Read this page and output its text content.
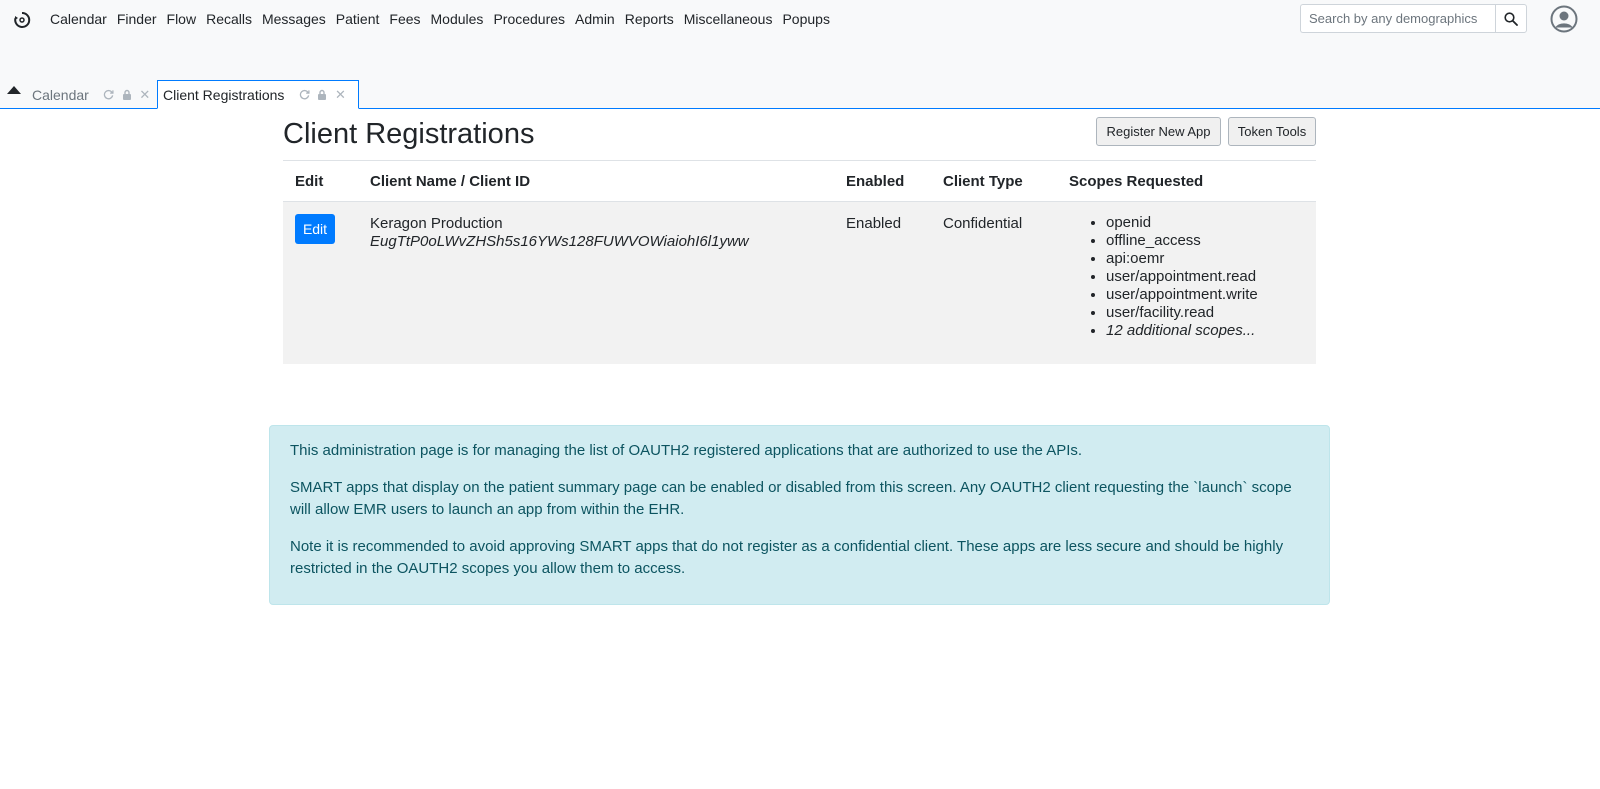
Calendar Finder Flow Recalls Messages Patient Fees Modules Procedures Admin Reports Miscellaneous Popups
Search by any demographics
Calendar	✕ Client Registrations	✕
Client Registrations	Register New App	Token Tools
Edit	Client Name / Client ID	Enabled	Client Type	Scopes Requested
Edit	Keragon Production
EugTtP0oLWvZHSh5s16YWs128FUWVOWiaiohI6l1yww
Enabled	Confidential
•	openid
• offline_access
• api:oemr
• user/appointment.read
• user/appointment.write
• user/facility.read
• 12 additional scopes...

This administration page is for managing the list of OAUTH2 registered applications that are authorized to use the APIs.

SMART apps that display on the patient summary page can be enabled or disabled from this screen. Any OAUTH2 client requesting the `launch` scope will allow EMR users to launch an app from within the EHR.

Note it is recommended to avoid approving SMART apps that do not register as a confidential client. These apps are less secure and should be highly restricted in the OAUTH2 scopes you allow them to access.
